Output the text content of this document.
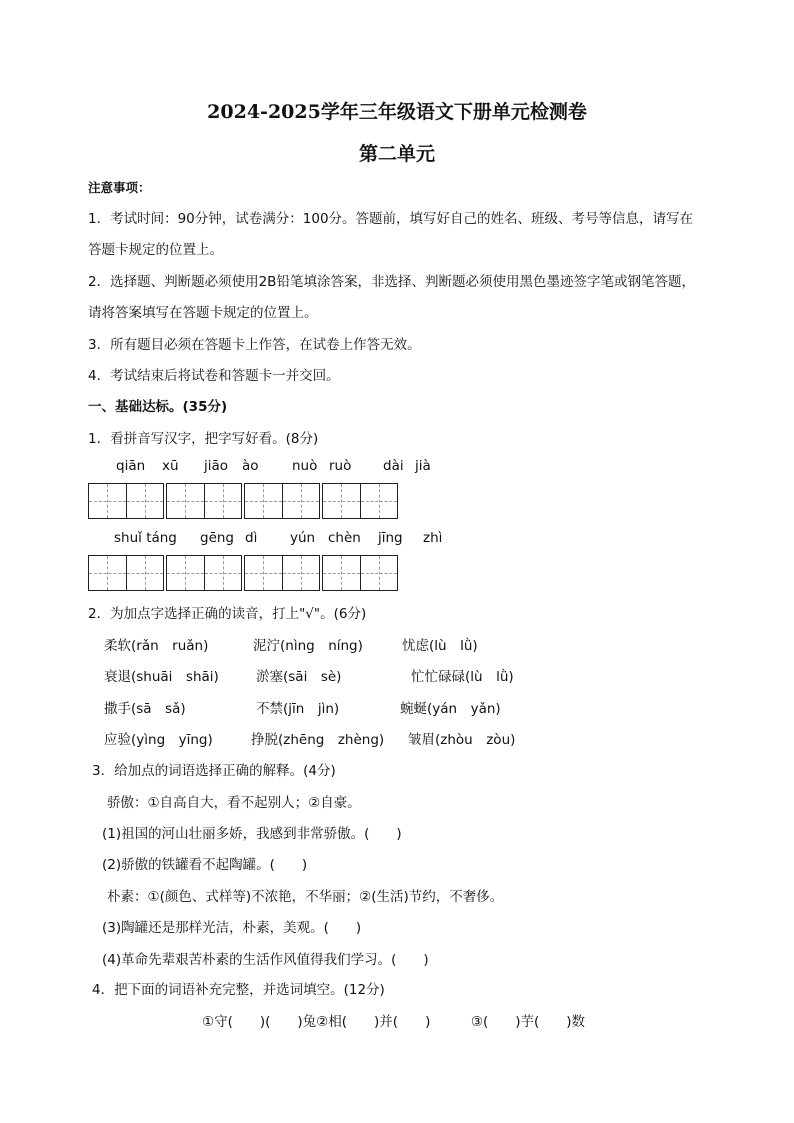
2024-2025学年三年级语文下册单元检测卷
第二单元
注意事项：
1．考试时间：90分钟，试卷满分：100分。答题前，填写好自己的姓名、班级、考号等信息，请写在
答题卡规定的位置上。
2．选择题、判断题必须使用2B铅笔填涂答案，非选择、判断题必须使用黑色墨迹签字笔或钢笔答题，
请将答案填写在答题卡规定的位置上。
3．所有题目必须在答题卡上作答，在试卷上作答无效。
4．考试结束后将试卷和答题卡一并交回。
一、基础达标。(35分)
1．看拼音写汉字，把字写好看。(8分)
qiān xū jiāo ào nuò ruò dài jià
shuǐ táng gēng dì yún chèn jīng zhì
2．为加点字选择正确的读音，打上"√"。(6分)
柔软(rǎn　ruǎn)	泥泞(nìng　níng)	忧虑(lù　lǜ)
衰退(shuāi　shāi)	淤塞(sāi　sè)	忙忙碌碌(lù　lǜ)
撒手(sā　sǎ)	不禁(jīn　jìn)	蜿蜒(yán　yǎn)
应验(yìng　yīng)	挣脱(zhēng　zhèng) 皱眉(zhòu　zòu)
3．给加点的词语选择正确的解释。(4分)
骄傲：①自高自大，看不起别人；②自豪。
(1)祖国的河山壮丽多娇，我感到非常骄傲。(　　)
(2)骄傲的铁罐看不起陶罐。(　　)
朴素：①(颜色、式样等)不浓艳，不华丽；②(生活)节约，不奢侈。
(3)陶罐还是那样光洁，朴素，美观。(　　)
(4)革命先辈艰苦朴素的生活作风值得我们学习。(　　)
4．把下面的词语补充完整，并选词填空。(12分)
①守(　　)(　　)兔②相(　　)并(　　)　　　③(　　)芋(　　)数
